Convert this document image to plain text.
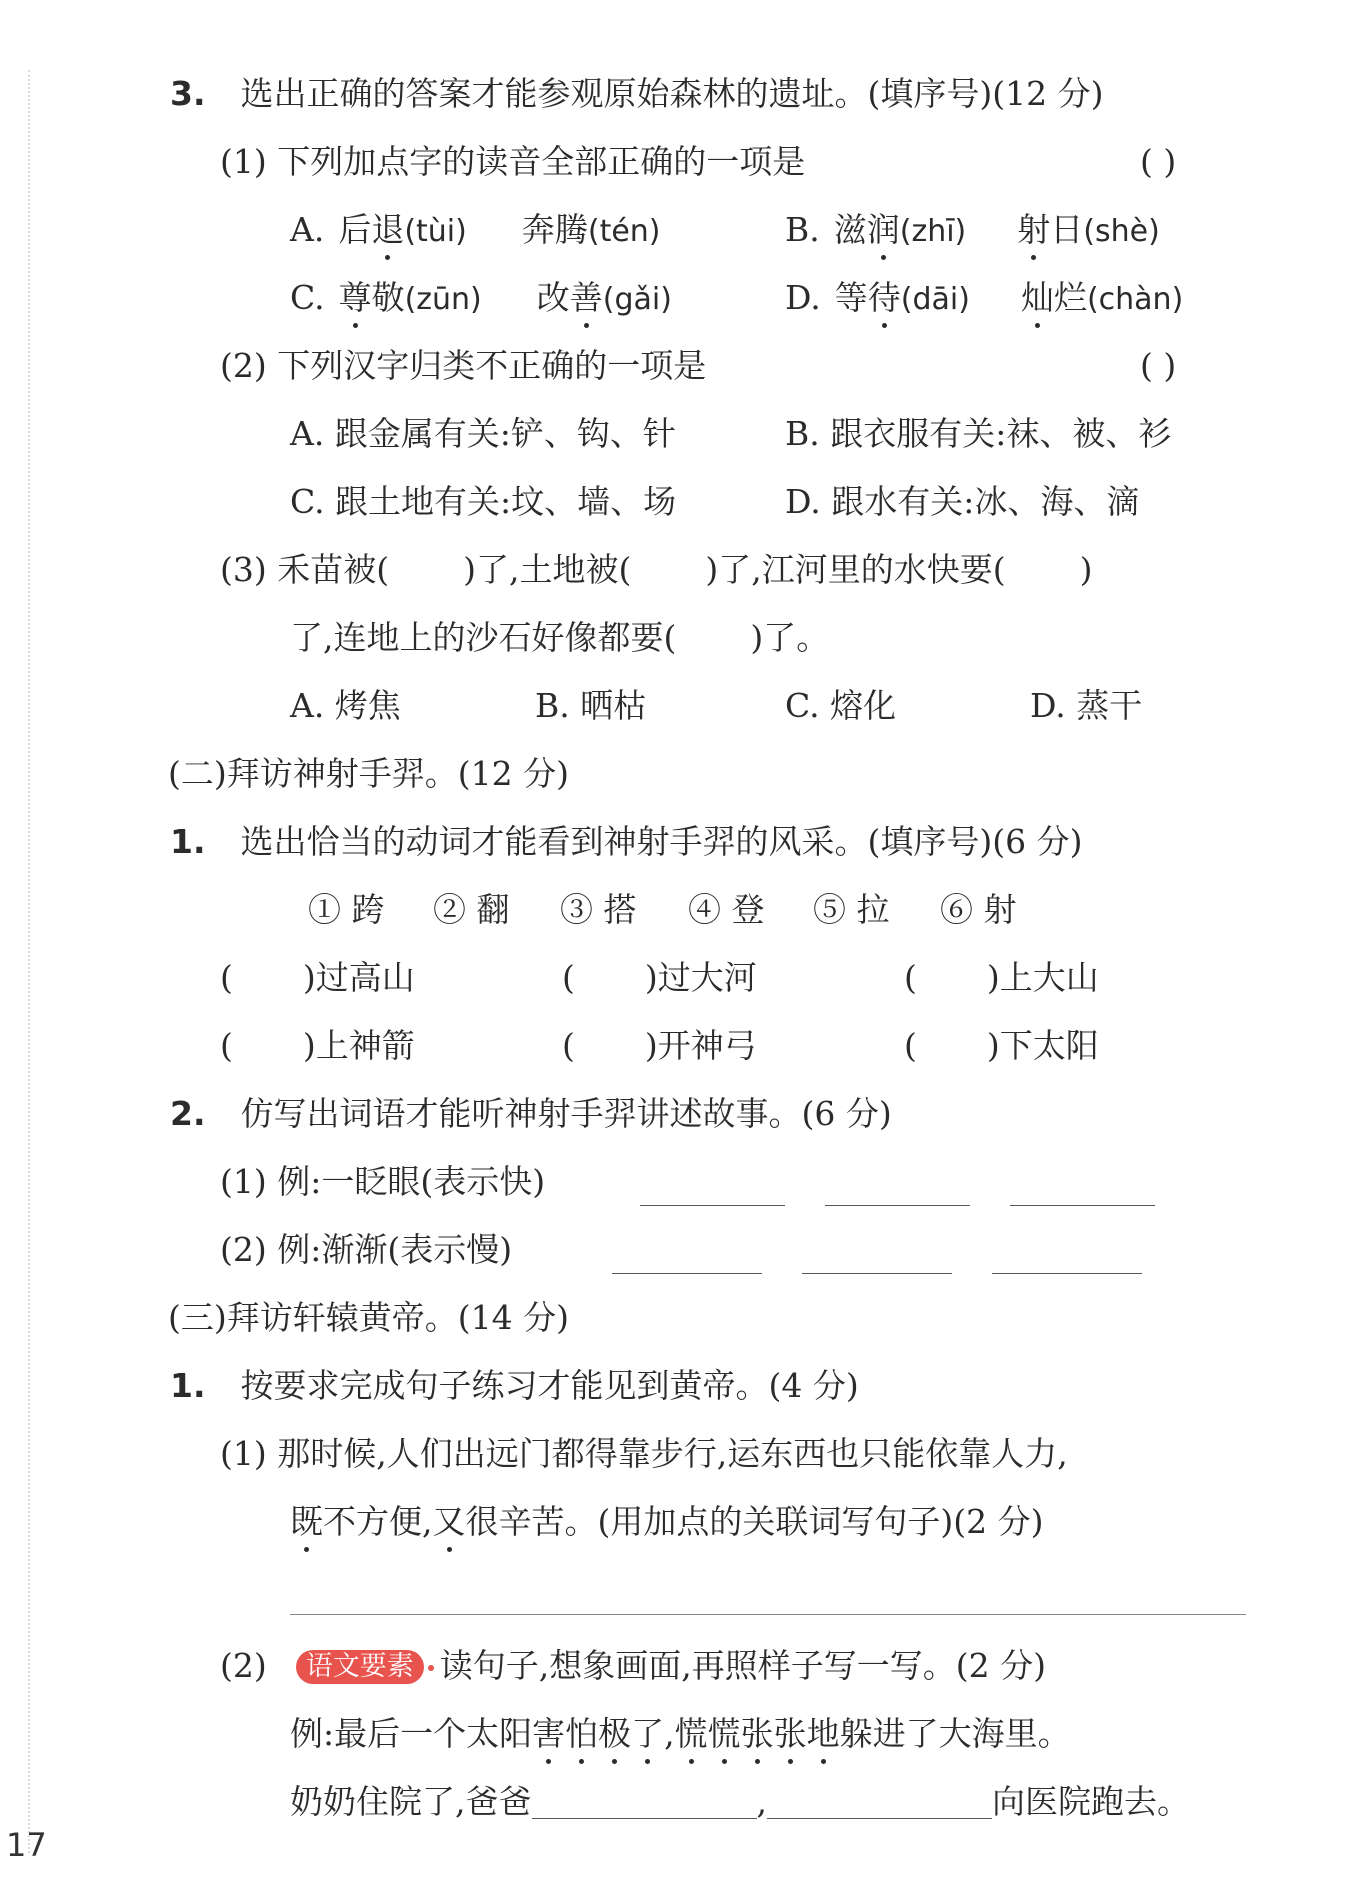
3. 选出正确的答案才能参观原始森林的遗址。(填序号)(12 分)
(1) 下列加点字的读音全部正确的一项是	( )
A. 后退(tùi) 奔腾(tén)	B. 滋润(zhī) 射日(shè)
C. 尊敬(zūn) 改善(gǎi)	D. 等待(dāi) 灿烂(chàn)
(2) 下列汉字归类不正确的一项是	( )
A. 跟金属有关:铲、钩、针	B. 跟衣服有关:袜、被、衫
C. 跟土地有关:坟、墙、场	D. 跟水有关:冰、海、滴
(3) 禾苗被( )了,土地被( )了,江河里的水快要( )
了,连地上的沙石好像都要( )了。
A. 烤焦	B. 晒枯	C. 熔化	D. 蒸干
(二)拜访神射手羿。(12 分)
1. 选出恰当的动词才能看到神射手羿的风采。(填序号)(6 分)
① 跨 ② 翻 ③ 搭 ④ 登 ⑤ 拉 ⑥ 射
( )过高山	( )过大河	( )上大山
( )上神箭	( )开神弓	( )下太阳
2. 仿写出词语才能听神射手羿讲述故事。(6 分)
(1) 例:一眨眼(表示快)
(2) 例:渐渐(表示慢)
(三)拜访轩辕黄帝。(14 分)
1. 按要求完成句子练习才能见到黄帝。(4 分)
(1) 那时候,人们出远门都得靠步行,运东西也只能依靠人力,
既不方便,又很辛苦。(用加点的关联词写句子)(2 分)
(2) 语文要素 读句子,想象画面,再照样子写一写。(2 分)
例:最后一个太阳害怕极了,慌慌张张地躲进了大海里。
奶奶住院了,爸爸	,	向医院跑去。
17
